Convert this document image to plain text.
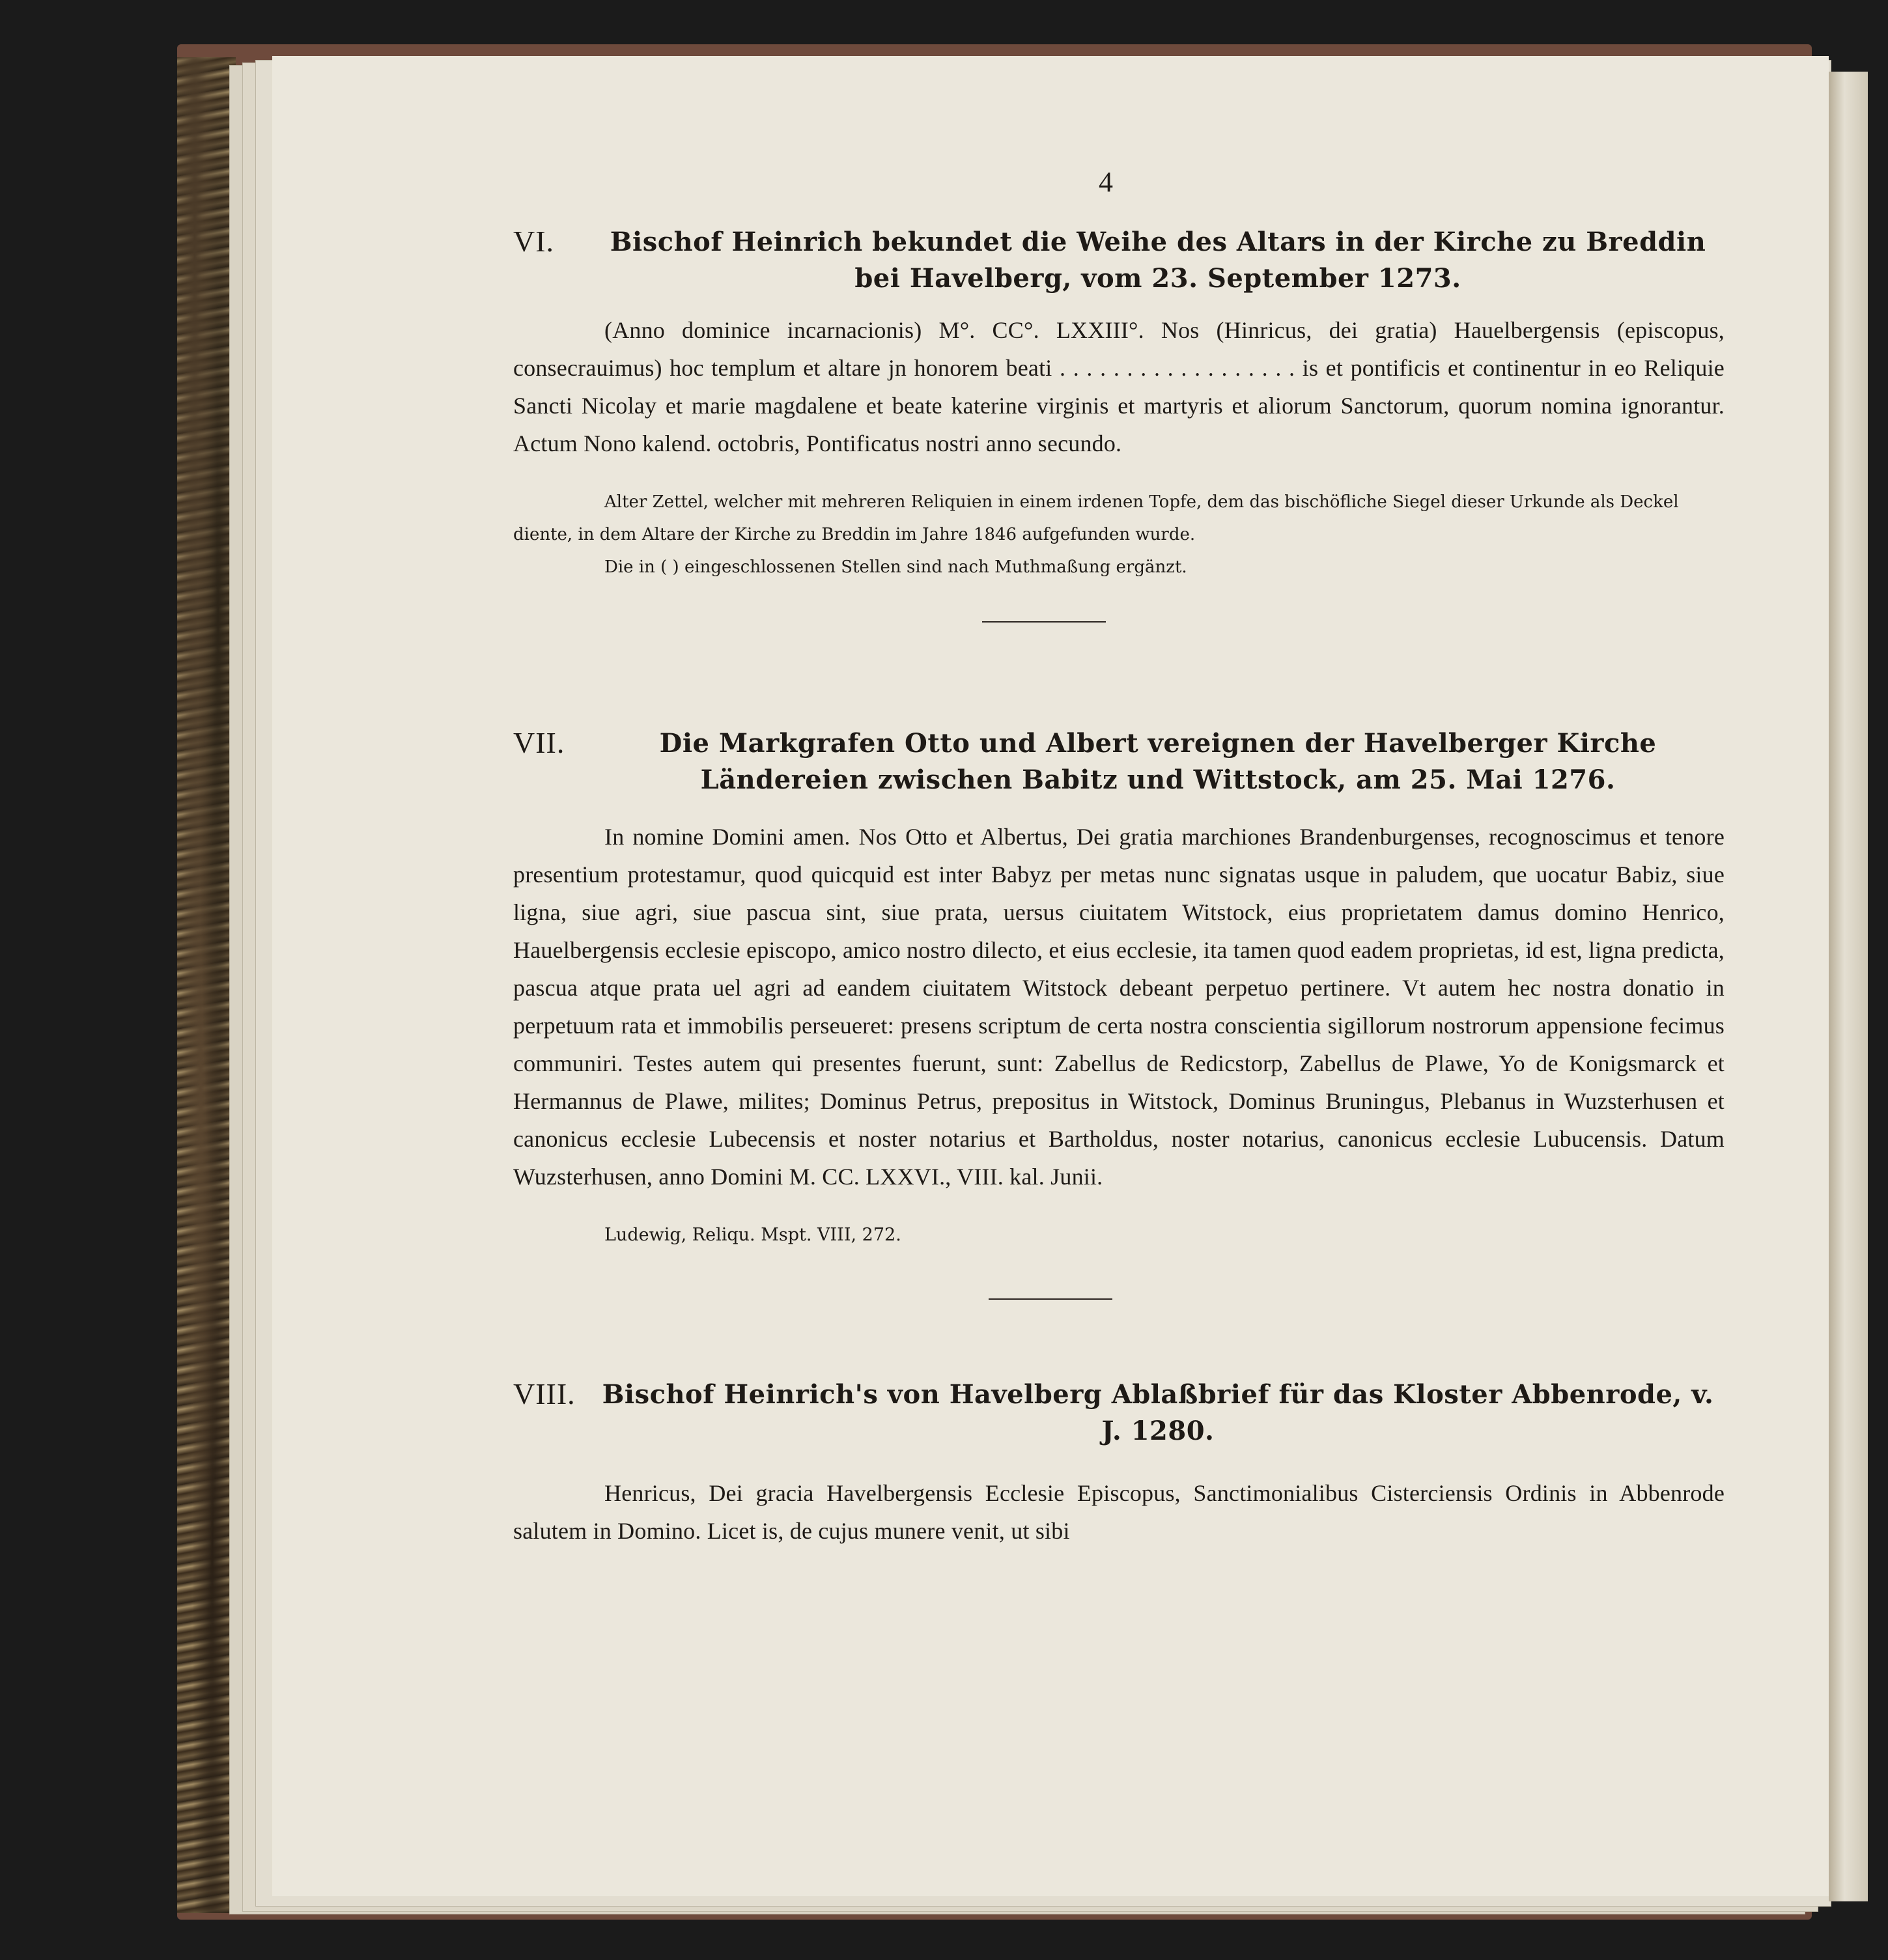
4
VI.	Bischof Heinrich bekundet die Weihe des Altars in der Kirche zu Breddin bei Havelberg, vom 23. September 1273.

(Anno dominice incarnacionis) M°. CC°. LXXIII°. Nos (Hinricus, dei gratia) Hauelbergensis (episcopus, consecrauimus) hoc templum et altare jn honorem beati . . . . . . . . . . . . . . . . . . is et pontificis et continentur in eo Reliquie Sancti Nicolay et marie magdalene et beate katerine virginis et martyris et aliorum Sanctorum, quorum nomina ignorantur. Actum Nono kalend. octobris, Pontificatus nostri anno secundo.

Alter Zettel, welcher mit mehreren Reliquien in einem irdenen Topfe, dem das bischöfliche Siegel dieser Urkunde als Deckel diente, in dem Altare der Kirche zu Breddin im Jahre 1846 aufgefunden wurde.
Die in ( ) eingeschlossenen Stellen sind nach Muthmaßung ergänzt.
VII.	Die Markgrafen Otto und Albert vereignen der Havelberger Kirche Ländereien zwischen Babitz und Wittstock, am 25. Mai 1276.

In nomine Domini amen. Nos Otto et Albertus, Dei gratia marchiones Brandenburgenses, recognoscimus et tenore presentium protestamur, quod quicquid est inter Babyz per metas nunc signatas usque in paludem, que uocatur Babiz, siue ligna, siue agri, siue pascua sint, siue prata, uersus ciuitatem Witstock, eius proprietatem damus domino Henrico, Hauelbergensis ecclesie episcopo, amico nostro dilecto, et eius ecclesie, ita tamen quod eadem proprietas, id est, ligna predicta, pascua atque prata uel agri ad eandem ciuitatem Witstock debeant perpetuo pertinere. Vt autem hec nostra donatio in perpetuum rata et immobilis perseueret: presens scriptum de certa nostra conscientia sigillorum nostrorum appensione fecimus communiri. Testes autem qui presentes fuerunt, sunt: Zabellus de Redicstorp, Zabellus de Plawe, Yo de Konigsmarck et Hermannus de Plawe, milites; Dominus Petrus, prepositus in Witstock, Dominus Bruningus, Plebanus in Wuzsterhusen et canonicus ecclesie Lubecensis et noster notarius et Bartholdus, noster notarius, canonicus ecclesie Lubucensis. Datum Wuzsterhusen, anno Domini M. CC. LXXVI., VIII. kal. Junii.

Ludewig, Reliqu. Mspt. VIII, 272.
VIII.	Bischof Heinrich's von Havelberg Ablaßbrief für das Kloster Abbenrode, v. J. 1280.

Henricus, Dei gracia Havelbergensis Ecclesie Episcopus, Sanctimonialibus Cisterciensis Ordinis in Abbenrode salutem in Domino. Licet is, de cujus munere venit, ut sibi
